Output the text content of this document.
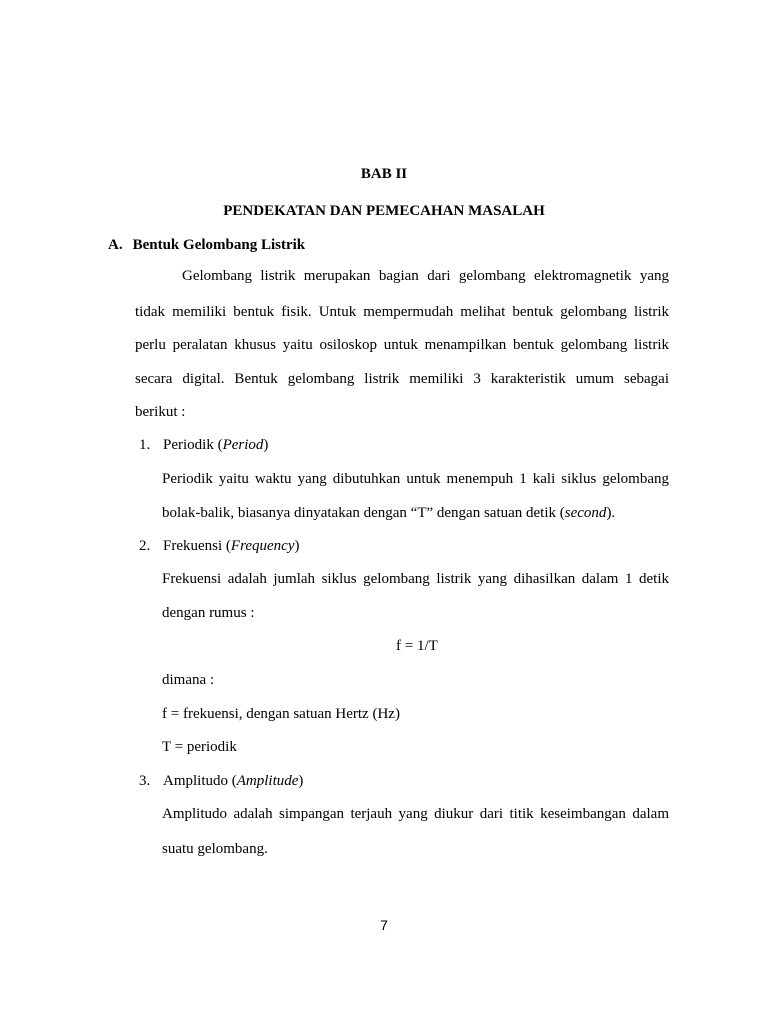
BAB II
PENDEKATAN DAN PEMECAHAN MASALAH
A. Bentuk Gelombang Listrik
Gelombang listrik merupakan bagian dari gelombang elektromagnetik yang
tidak memiliki bentuk fisik. Untuk mempermudah melihat bentuk gelombang listrik
perlu peralatan khusus yaitu osiloskop untuk menampilkan bentuk gelombang listrik
secara digital. Bentuk gelombang listrik memiliki 3 karakteristik umum sebagai
berikut :
1. Periodik (Period)
Periodik yaitu waktu yang dibutuhkan untuk menempuh 1 kali siklus gelombang
bolak-balik, biasanya dinyatakan dengan “T” dengan satuan detik (second).
2. Frekuensi (Frequency)
Frekuensi adalah jumlah siklus gelombang listrik yang dihasilkan dalam 1 detik
dengan rumus :
f = 1/T
dimana :
f = frekuensi, dengan satuan Hertz (Hz)
T = periodik
3. Amplitudo (Amplitude)
Amplitudo adalah simpangan terjauh yang diukur dari titik keseimbangan dalam
suatu gelombang.
7
